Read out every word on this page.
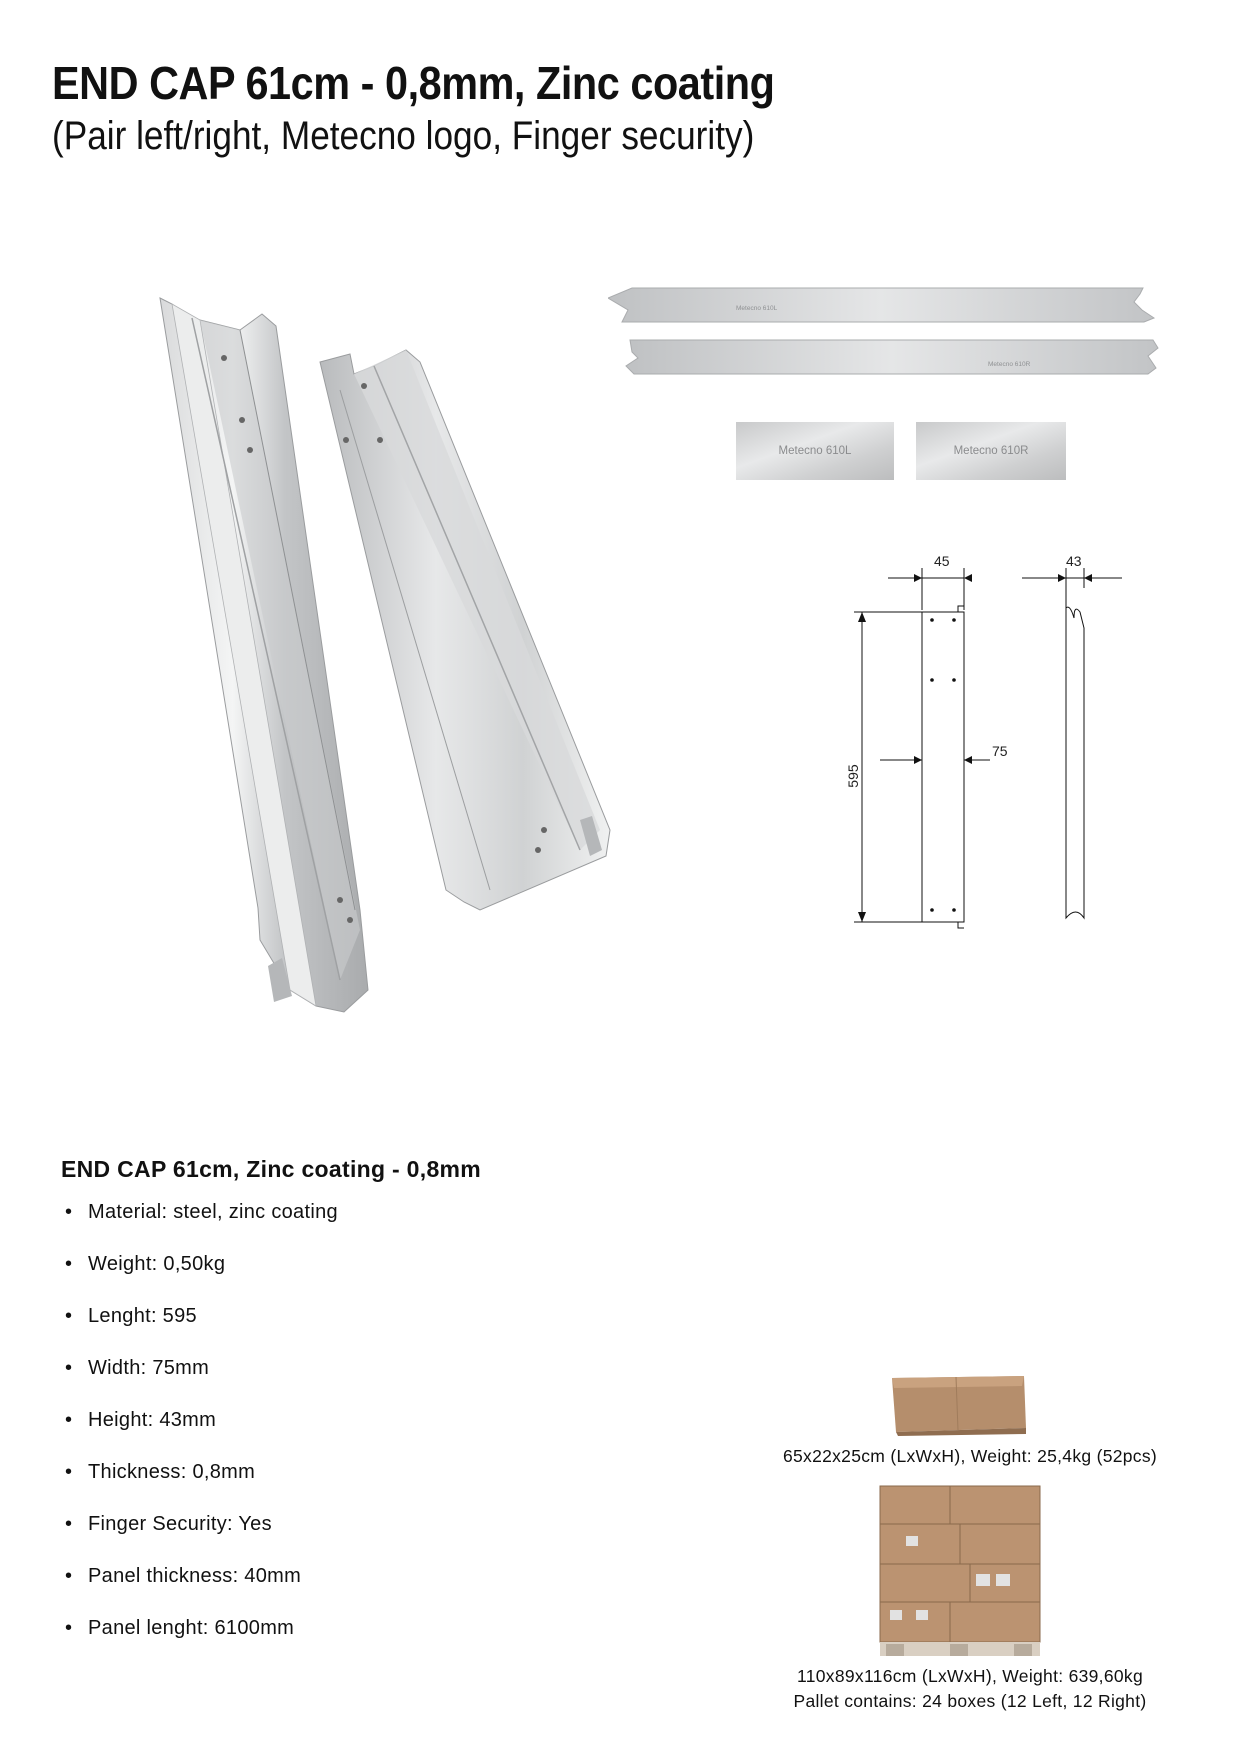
END CAP 61cm - 0,8mm, Zinc coating
(Pair left/right, Metecno logo, Finger security)
Metecno 610L
Metecno 610R
Metecno 610L	Metecno 610R
45	43
75
595
END CAP 61cm, Zinc coating - 0,8mm
• Material: steel, zinc coating
• Weight: 0,50kg
• Lenght: 595
• Width: 75mm
• Height: 43mm
• Thickness: 0,8mm
• Finger Security: Yes
• Panel thickness: 40mm
• Panel lenght: 6100mm
65x22x25cm (LxWxH), Weight: 25,4kg (52pcs)
110x89x116cm (LxWxH), Weight: 639,60kg
Pallet contains: 24 boxes (12 Left, 12 Right)
